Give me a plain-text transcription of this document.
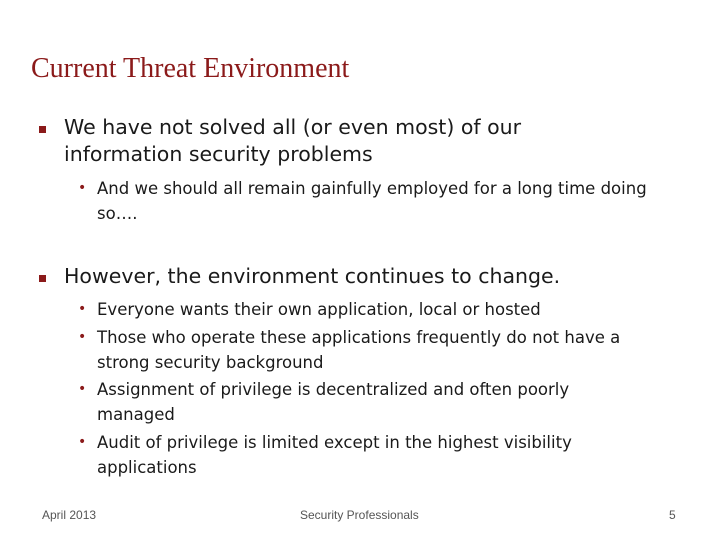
Current Threat Environment
We have not solved all (or even most) of our information security problems
• And we should all remain gainfully employed for a long time doing so….
However, the environment continues to change.
• Everyone wants their own application, local or hosted
• Those who operate these applications frequently do not have a strong security background
• Assignment of privilege is decentralized and often poorly managed
• Audit of privilege is limited except in the highest visibility applications
April 2013	Security Professionals	5
